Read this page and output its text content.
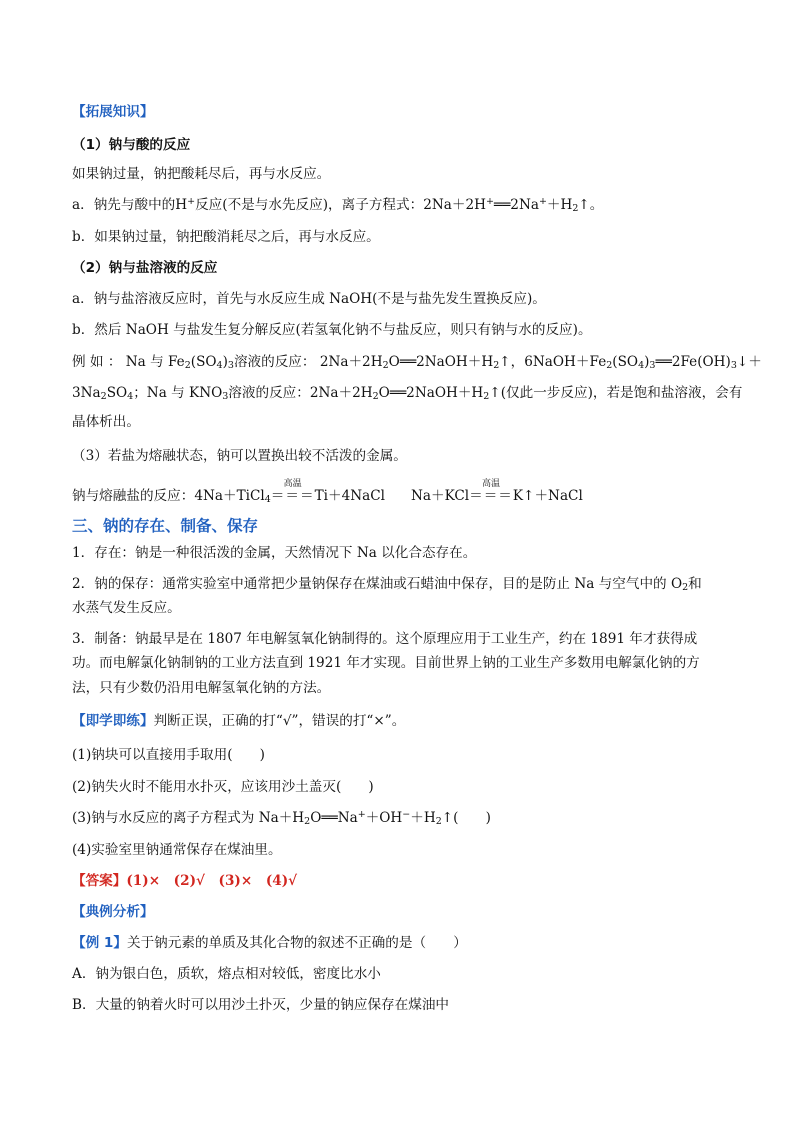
【拓展知识】
（1）钠与酸的反应
如果钠过量，钠把酸耗尽后，再与水反应。
a．钠先与酸中的H+反应(不是与水先反应)，离子方程式：$2Na+2H^+══2Na^++H_2↑$。
b．如果钠过量，钠把酸消耗尽之后，再与水反应。
（2）钠与盐溶液的反应
a．钠与盐溶液反应时，首先与水反应生成 NaOH(不是与盐先发生置换反应)。
b．然后 NaOH 与盐发生复分解反应(若氢氧化钠不与盐反应，则只有钠与水的反应)。
例 如 ： Na 与 $Fe_2(SO_4)_3$溶液的反应： $2Na+2H_2O══2NaOH+H_2↑$，$6NaOH+Fe_2(SO_4)_3══2Fe(OH)_3↓+$
$3Na_2SO_4$；Na 与 $KNO_3$溶液的反应：$2Na+2H_2O══2NaOH+H_2↑$(仅此一步反应)，若是饱和盐溶液，会有
晶体析出。
（3）若盐为熔融状态，钠可以置换出较不活泼的金属。
钠与熔融盐的反应：4Na＋TiCl$_4$
高温
＝＝＝Ti＋4NaCl Na＋KCl
高温
＝＝＝K↑＋NaCl
三、钠的存在、制备、保存
1．存在：钠是一种很活泼的金属，天然情况下 Na 以化合态存在。
2．钠的保存：通常实验室中通常把少量钠保存在煤油或石蜡油中保存，目的是防止 Na 与空气中的 $O_2$和
水蒸气发生反应。
3．制备：钠最早是在 1807 年电解氢氧化钠制得的。这个原理应用于工业生产，约在 1891 年才获得成
功。而电解氯化钠制钠的工业方法直到 1921 年才实现。目前世界上钠的工业生产多数用电解氯化钠的方
法，只有少数仍沿用电解氢氧化钠的方法。
【即学即练】判断正误，正确的打“√”，错误的打“×”。
(1)钠块可以直接用手取用(　　)
(2)钠失火时不能用水扑灭，应该用沙土盖灭(　　)
(3)钠与水反应的离子方程式为 $Na+H_2O══Na^++OH^-+H_2↑$(　　)
(4)实验室里钠通常保存在煤油里。
【答案】(1)×　(2)√　(3)×　(4)√
【典例分析】
【例 1】关于钠元素的单质及其化合物的叙述不正确的是（　　）
A．钠为银白色，质软，熔点相对较低，密度比水小
B．大量的钠着火时可以用沙土扑灭，少量的钠应保存在煤油中
